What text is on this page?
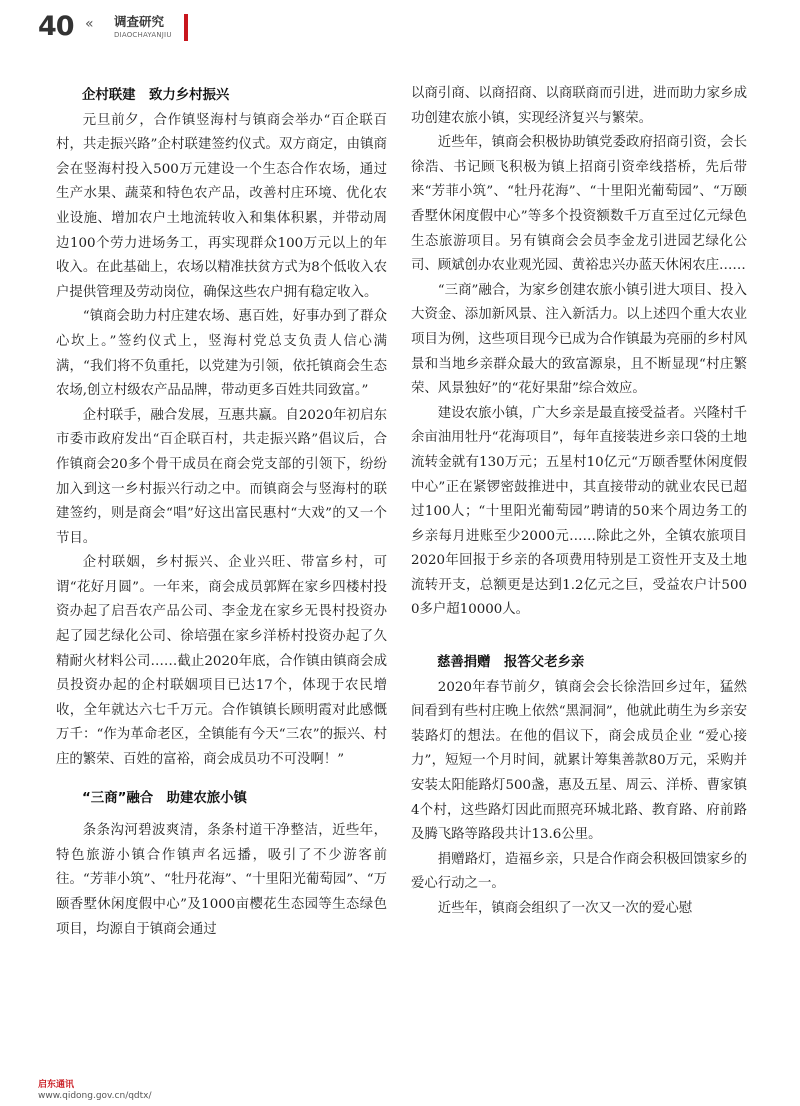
40 « 调查研究
DIAOCHAYANJIU

企村联建　致力乡村振兴

元旦前夕，合作镇竖海村与镇商会举办“百企联百村，共走振兴路”企村联建签约仪式。双方商定，由镇商会在竖海村投入500万元建设一个生态合作农场，通过生产水果、蔬菜和特色农产品，改善村庄环境、优化农业设施、增加农户土地流转收入和集体积累，并带动周边100个劳力进场务工，再实现群众100万元以上的年收入。在此基础上，农场以精准扶贫方式为8个低收入农户提供管理及劳动岗位，确保这些农户拥有稳定收入。

“镇商会助力村庄建农场、惠百姓，好事办到了群众心坎上。”签约仪式上，竖海村党总支负责人信心满满，“我们将不负重托，以党建为引领，依托镇商会生态农场,创立村级农产品品牌，带动更多百姓共同致富。”

企村联手，融合发展，互惠共赢。自2020年初启东市委市政府发出“百企联百村，共走振兴路”倡议后，合作镇商会20多个骨干成员在商会党支部的引领下，纷纷加入到这一乡村振兴行动之中。而镇商会与竖海村的联建签约，则是商会“唱”好这出富民惠村“大戏”的又一个节目。

企村联姻，乡村振兴、企业兴旺、带富乡村，可谓“花好月圆”。一年来，商会成员郭辉在家乡四楼村投资办起了启吾农产品公司、李金龙在家乡无畏村投资办起了园艺绿化公司、徐培强在家乡洋桥村投资办起了久精耐火材料公司……截止2020年底，合作镇由镇商会成员投资办起的企村联姻项目已达17个，体现于农民增收，全年就达六七千万元。合作镇镇长顾明霞对此感慨万千：“作为革命老区，全镇能有今天“三农”的振兴、村庄的繁荣、百姓的富裕，商会成员功不可没啊！”

“三商”融合　助建农旅小镇

条条沟河碧波爽清，条条村道干净整洁，近些年，特色旅游小镇合作镇声名远播，吸引了不少游客前往。“芳菲小筑”、“牡丹花海”、“十里阳光葡萄园”、“万颐香墅休闲度假中心”及1000亩樱花生态园等生态绿色项目，均源自于镇商会通过

以商引商、以商招商、以商联商而引进，进而助力家乡成功创建农旅小镇，实现经济复兴与繁荣。

近些年，镇商会积极协助镇党委政府招商引资，会长徐浩、书记顾飞积极为镇上招商引资牵线搭桥，先后带来“芳菲小筑”、“牡丹花海”、“十里阳光葡萄园”、“万颐香墅休闲度假中心”等多个投资额数千万直至过亿元绿色生态旅游项目。另有镇商会会员李金龙引进园艺绿化公司、顾斌创办农业观光园、黄裕忠兴办蓝天休闲农庄……

“三商”融合，为家乡创建农旅小镇引进大项目、投入大资金、添加新风景、注入新活力。以上述四个重大农业项目为例，这些项目现今已成为合作镇最为亮丽的乡村风景和当地乡亲群众最大的致富源泉，且不断显现“村庄繁荣、风景独好”的“花好果甜”综合效应。

建设农旅小镇，广大乡亲是最直接受益者。兴隆村千余亩油用牡丹“花海项目”，每年直接装进乡亲口袋的土地流转金就有130万元；五星村10亿元“万颐香墅休闲度假中心”正在紧锣密鼓推进中，其直接带动的就业农民已超过100人；“十里阳光葡萄园”聘请的50来个周边务工的乡亲每月进账至少2000元……除此之外，全镇农旅项目2020年回报于乡亲的各项费用特别是工资性开支及土地流转开支，总额更是达到1.2亿元之巨，受益农户计5000多户超10000人。

慈善捐赠　报答父老乡亲

2020年春节前夕，镇商会会长徐浩回乡过年，猛然间看到有些村庄晚上依然“黑洞洞”，他就此萌生为乡亲安装路灯的想法。在他的倡议下，商会成员企业 “爱心接力”，短短一个月时间，就累计筹集善款80万元，采购并安装太阳能路灯500盏，惠及五星、周云、洋桥、曹家镇4个村，这些路灯因此而照亮环城北路、教育路、府前路及腾飞路等路段共计13.6公里。

捐赠路灯，造福乡亲，只是合作商会积极回馈家乡的爱心行动之一。

近些年，镇商会组织了一次又一次的爱心慰

启东通讯
www.qidong.gov.cn/qdtx/
